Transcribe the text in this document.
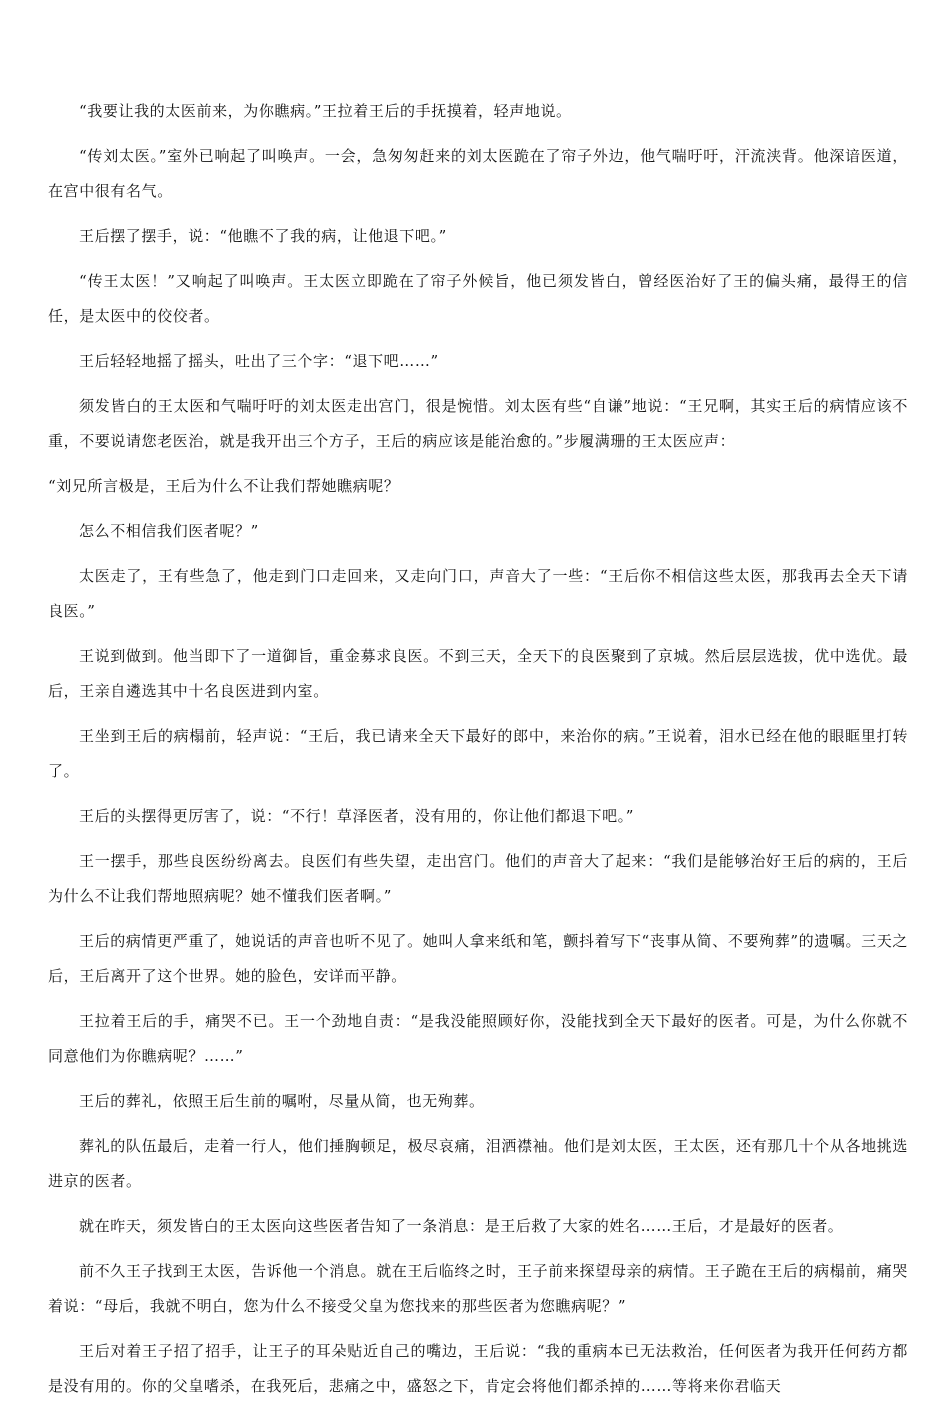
“我要让我的太医前来，为你瞧病。”王拉着王后的手抚摸着，轻声地说。

“传刘太医。”室外已响起了叫唤声。一会，急匆匆赶来的刘太医跪在了帘子外边，他气喘吁吁，汗流浃背。他深谙医道，在宫中很有名气。

王后摆了摆手，说：“他瞧不了我的病，让他退下吧。”

“传王太医！”又响起了叫唤声。王太医立即跪在了帘子外候旨，他已须发皆白，曾经医治好了王的偏头痛，最得王的信任，是太医中的佼佼者。

王后轻轻地摇了摇头，吐出了三个字：“退下吧……”

须发皆白的王太医和气喘吁吁的刘太医走出宫门，很是惋惜。刘太医有些“自谦”地说：“王兄啊，其实王后的病情应该不重，不要说请您老医治，就是我开出三个方子，王后的病应该是能治愈的。”步履满珊的王太医应声：

“刘兄所言极是，王后为什么不让我们帮她瞧病呢？

怎么不相信我们医者呢？”

太医走了，王有些急了，他走到门口走回来，又走向门口，声音大了一些：“王后你不相信这些太医，那我再去全天下请良医。”

王说到做到。他当即下了一道御旨，重金募求良医。不到三天，全天下的良医聚到了京城。然后层层选拔，优中选优。最后，王亲自遴选其中十名良医进到内室。

王坐到王后的病榻前，轻声说：“王后，我已请来全天下最好的郎中，来治你的病。”王说着，泪水已经在他的眼眶里打转了。

王后的头摆得更厉害了，说：“不行！草泽医者，没有用的，你让他们都退下吧。”

王一摆手，那些良医纷纷离去。良医们有些失望，走出宫门。他们的声音大了起来：“我们是能够治好王后的病的，王后为什么不让我们帮地照病呢？她不懂我们医者啊。”

王后的病情更严重了，她说话的声音也听不见了。她叫人拿来纸和笔，颤抖着写下“丧事从简、不要殉葬”的遗嘱。三天之后，王后离开了这个世界。她的脸色，安详而平静。

王拉着王后的手，痛哭不已。王一个劲地自责：“是我没能照顾好你，没能找到全天下最好的医者。可是，为什么你就不同意他们为你瞧病呢？……”

王后的葬礼，依照王后生前的嘱咐，尽量从简，也无殉葬。

葬礼的队伍最后，走着一行人，他们捶胸顿足，极尽哀痛，泪洒襟袖。他们是刘太医，王太医，还有那几十个从各地挑选进京的医者。

就在昨天，须发皆白的王太医向这些医者告知了一条消息：是王后救了大家的姓名……王后，才是最好的医者。

前不久王子找到王太医，告诉他一个消息。就在王后临终之时，王子前来探望母亲的病情。王子跪在王后的病榻前，痛哭着说：“母后，我就不明白，您为什么不接受父皇为您找来的那些医者为您瞧病呢？”

王后对着王子招了招手，让王子的耳朵贴近自己的嘴边，王后说：“我的重病本已无法救治，任何医者为我开任何药方都是没有用的。你的父皇嗜杀，在我死后，悲痛之中，盛怒之下，肯定会将他们都杀掉的……等将来你君临天
